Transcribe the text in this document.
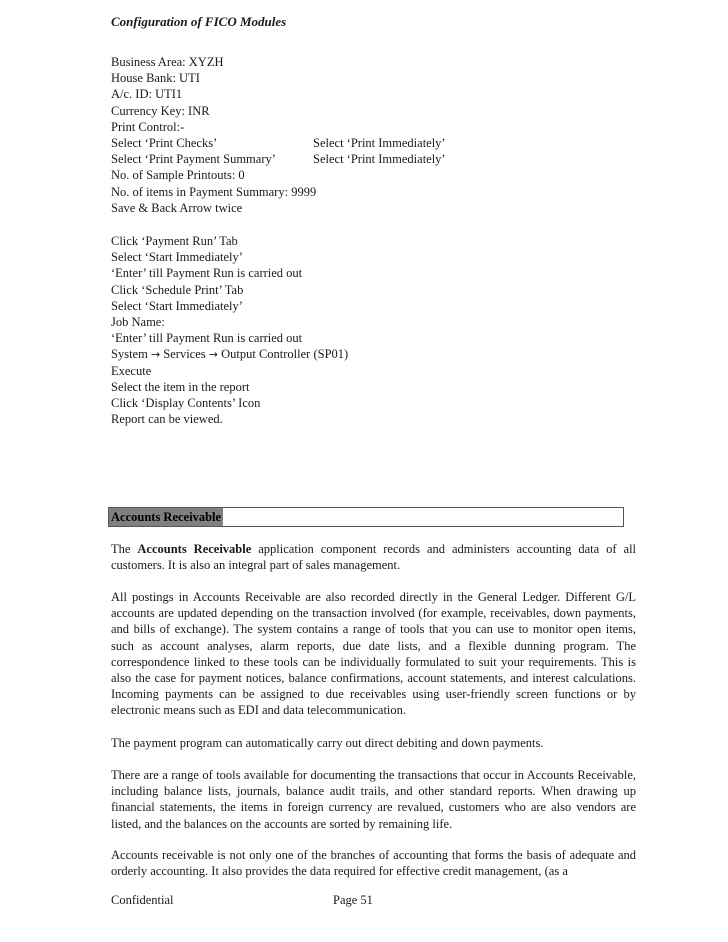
Configuration of FICO Modules
Business Area: XYZH
House Bank: UTI
A/c. ID: UTI1
Currency Key: INR
Print Control:-
Select ‘Print Checks’	Select ‘Print Immediately’
Select ‘Print Payment Summary’	Select ‘Print Immediately’
No. of Sample Printouts: 0
No. of items in Payment Summary: 9999
Save & Back Arrow twice
Click ‘Payment Run’ Tab
Select ‘Start Immediately’
‘Enter’ till Payment Run is carried out
Click ‘Schedule Print’ Tab
Select ‘Start Immediately’
Job Name:
‘Enter’ till Payment Run is carried out
System → Services → Output Controller (SP01)
Execute
Select the item in the report
Click ‘Display Contents’ Icon
Report can be viewed.
Accounts Receivable

The Accounts Receivable application component records and administers accounting data of all customers. It is also an integral part of sales management.

All postings in Accounts Receivable are also recorded directly in the General Ledger. Different G/L accounts are updated depending on the transaction involved (for example, receivables, down payments, and bills of exchange). The system contains a range of tools that you can use to monitor open items, such as account analyses, alarm reports, due date lists, and a flexible dunning program. The correspondence linked to these tools can be individually formulated to suit your requirements. This is also the case for payment notices, balance confirmations, account statements, and interest calculations. Incoming payments can be assigned to due receivables using user-friendly screen functions or by electronic means such as EDI and data telecommunication.

The payment program can automatically carry out direct debiting and down payments.

There are a range of tools available for documenting the transactions that occur in Accounts Receivable, including balance lists, journals, balance audit trails, and other standard reports. When drawing up financial statements, the items in foreign currency are revalued, customers who are also vendors are listed, and the balances on the accounts are sorted by remaining life.

Accounts receivable is not only one of the branches of accounting that forms the basis of adequate and orderly accounting. It also provides the data required for effective credit management, (as a

Confidential	Page 51
